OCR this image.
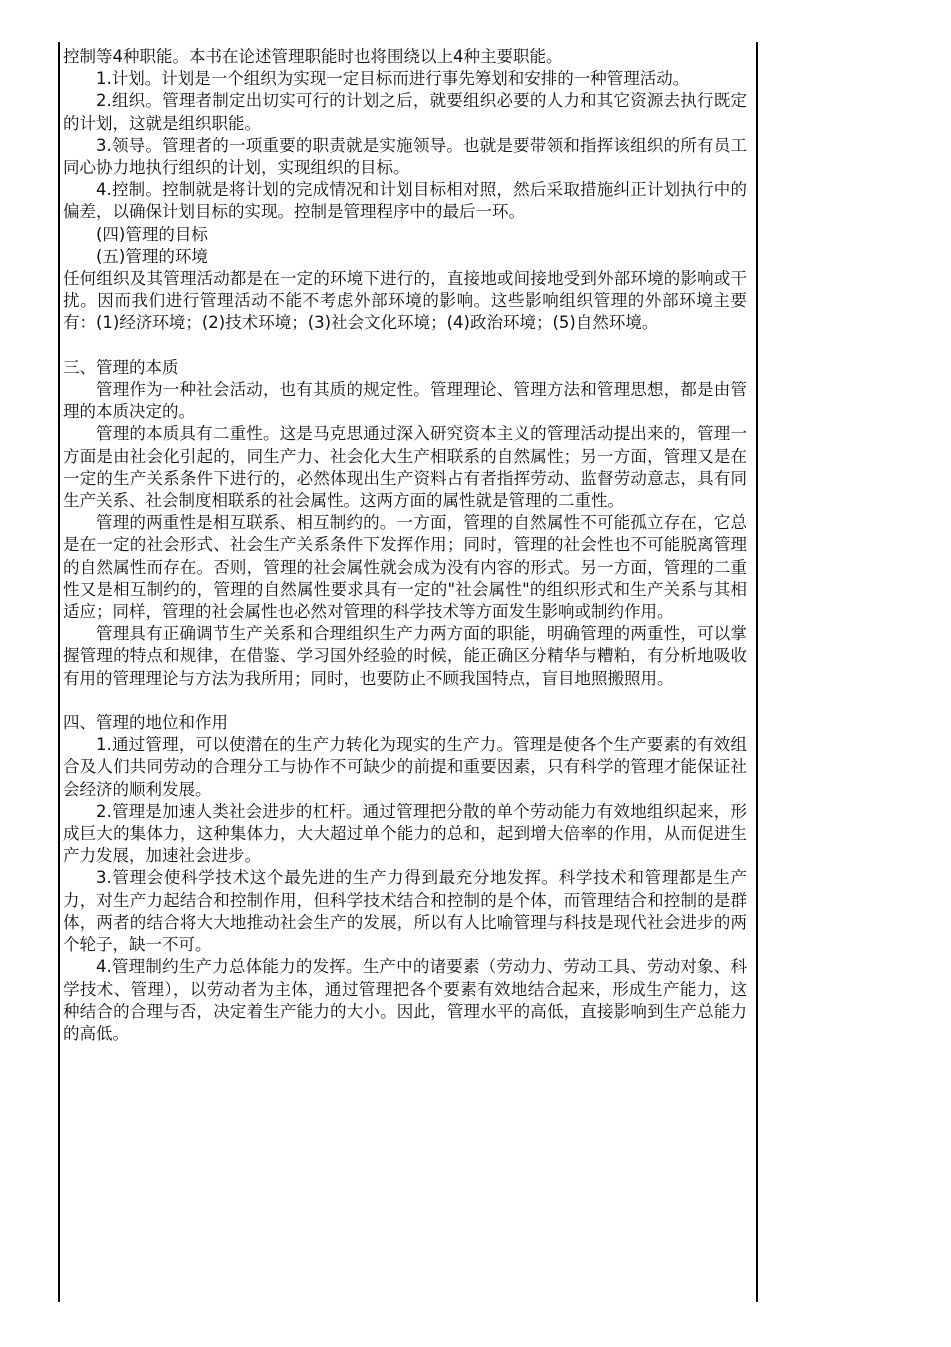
控制等4种职能。本书在论述管理职能时也将围绕以上4种主要职能。

1.计划。计划是一个组织为实现一定目标而进行事先筹划和安排的一种管理活动。

2.组织。管理者制定出切实可行的计划之后，就要组织必要的人力和其它资源去执行既定的计划，这就是组织职能。

3.领导。管理者的一项重要的职责就是实施领导。也就是要带领和指挥该组织的所有员工同心协力地执行组织的计划，实现组织的目标。

4.控制。控制就是将计划的完成情况和计划目标相对照，然后采取措施纠正计划执行中的偏差，以确保计划目标的实现。控制是管理程序中的最后一环。

(四)管理的目标

(五)管理的环境

任何组织及其管理活动都是在一定的环境下进行的，直接地或间接地受到外部环境的影响或干扰。因而我们进行管理活动不能不考虑外部环境的影响。这些影响组织管理的外部环境主要有：(1)经济环境；(2)技术环境；(3)社会文化环境；(4)政治环境；(5)自然环境。

三、管理的本质

管理作为一种社会活动，也有其质的规定性。管理理论、管理方法和管理思想，都是由管理的本质决定的。

管理的本质具有二重性。这是马克思通过深入研究资本主义的管理活动提出来的，管理一方面是由社会化引起的，同生产力、社会化大生产相联系的自然属性；另一方面，管理又是在一定的生产关系条件下进行的，必然体现出生产资料占有者指挥劳动、监督劳动意志，具有同生产关系、社会制度相联系的社会属性。这两方面的属性就是管理的二重性。

管理的两重性是相互联系、相互制约的。一方面，管理的自然属性不可能孤立存在，它总是在一定的社会形式、社会生产关系条件下发挥作用；同时，管理的社会性也不可能脱离管理的自然属性而存在。否则，管理的社会属性就会成为没有内容的形式。另一方面，管理的二重性又是相互制约的，管理的自然属性要求具有一定的"社会属性"的组织形式和生产关系与其相适应；同样，管理的社会属性也必然对管理的科学技术等方面发生影响或制约作用。

管理具有正确调节生产关系和合理组织生产力两方面的职能，明确管理的两重性，可以掌握管理的特点和规律，在借鉴、学习国外经验的时候，能正确区分精华与糟粕，有分析地吸收有用的管理理论与方法为我所用；同时，也要防止不顾我国特点，盲目地照搬照用。

四、管理的地位和作用

1.通过管理，可以使潜在的生产力转化为现实的生产力。管理是使各个生产要素的有效组合及人们共同劳动的合理分工与协作不可缺少的前提和重要因素，只有科学的管理才能保证社会经济的顺利发展。

2.管理是加速人类社会进步的杠杆。通过管理把分散的单个劳动能力有效地组织起来，形成巨大的集体力，这种集体力，大大超过单个能力的总和，起到增大倍率的作用，从而促进生产力发展，加速社会进步。

3.管理会使科学技术这个最先进的生产力得到最充分地发挥。科学技术和管理都是生产力，对生产力起结合和控制作用，但科学技术结合和控制的是个体，而管理结合和控制的是群体，两者的结合将大大地推动社会生产的发展，所以有人比喻管理与科技是现代社会进步的两个轮子，缺一不可。

4.管理制约生产力总体能力的发挥。生产中的诸要素（劳动力、劳动工具、劳动对象、科学技术、管理），以劳动者为主体，通过管理把各个要素有效地结合起来，形成生产能力，这种结合的合理与否，决定着生产能力的大小。因此，管理水平的高低，直接影响到生产总能力的高低。
